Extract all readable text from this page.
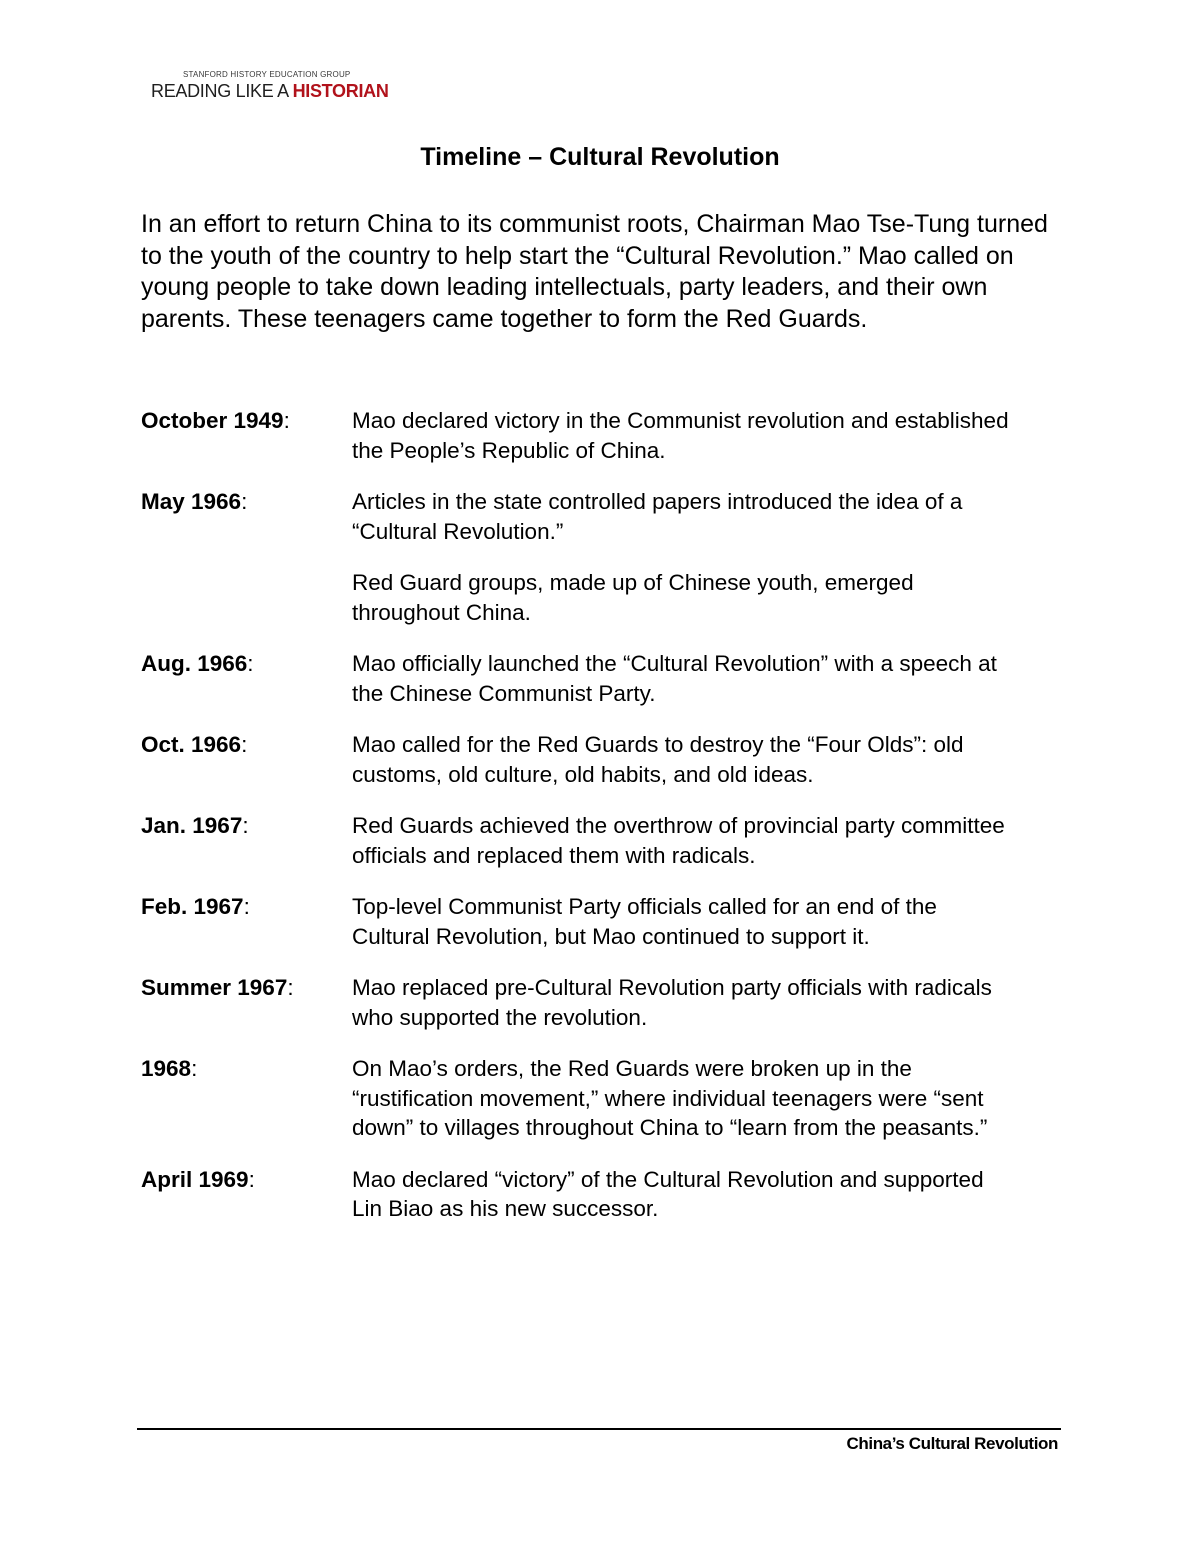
STANFORD HISTORY EDUCATION GROUP
READING LIKE A HISTORIAN
Timeline – Cultural Revolution

In an effort to return China to its communist roots, Chairman Mao Tse-Tung turned to the youth of the country to help start the “Cultural Revolution.” Mao called on young people to take down leading intellectuals, party leaders, and their own parents. These teenagers came together to form the Red Guards.

October 1949:	Mao declared victory in the Communist revolution and established the People’s Republic of China.

May 1966:	Articles in the state controlled papers introduced the idea of a “Cultural Revolution.”

Red Guard groups, made up of Chinese youth, emerged throughout China.

Aug. 1966:	Mao officially launched the “Cultural Revolution” with a speech at the Chinese Communist Party.

Oct. 1966:	Mao called for the Red Guards to destroy the “Four Olds”: old customs, old culture, old habits, and old ideas.

Jan. 1967:	Red Guards achieved the overthrow of provincial party committee officials and replaced them with radicals.

Feb. 1967:	Top-level Communist Party officials called for an end of the Cultural Revolution, but Mao continued to support it.

Summer 1967:	Mao replaced pre-Cultural Revolution party officials with radicals who supported the revolution.

1968:	On Mao’s orders, the Red Guards were broken up in the “rustification movement,” where individual teenagers were “sent down” to villages throughout China to “learn from the peasants.”

April 1969:	Mao declared “victory” of the Cultural Revolution and supported Lin Biao as his new successor.

China’s Cultural Revolution
